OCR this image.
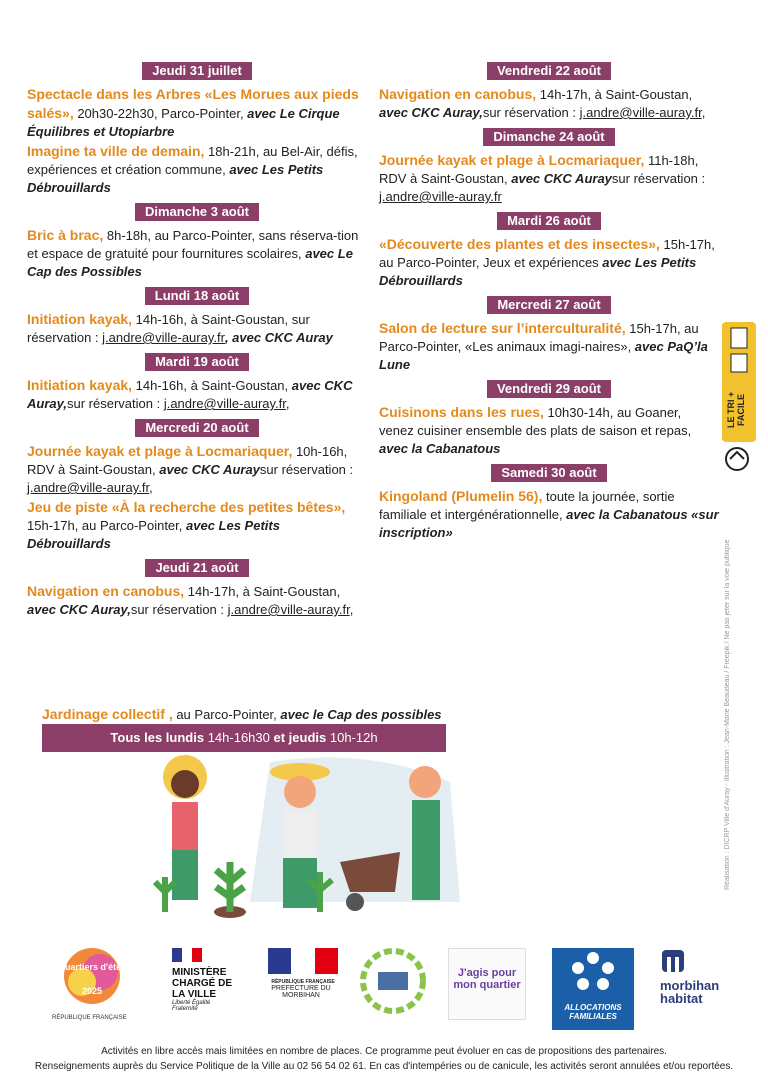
Jeudi 31 juillet
Spectacle dans les Arbres «Les Morues aux pieds salés», 20h30-22h30, Parco-Pointer, avec Le Cirque Équilibres et Utopiarbre
Imagine ta ville de demain, 18h-21h, au Bel-Air, défis, expériences et création commune, avec Les Petits Débrouillards
Dimanche 3 août
Bric à brac, 8h-18h, au Parco-Pointer, sans réserva-tion et espace de gratuité pour fournitures scolaires, avec Le Cap des Possibles
Lundi 18 août
Initiation kayak, 14h-16h, à Saint-Goustan, sur réservation : j.andre@ville-auray.fr, avec CKC Auray
Mardi 19 août
Initiation kayak, 14h-16h, à Saint-Goustan, avec CKC Auray,sur réservation : j.andre@ville-auray.fr,
Mercredi 20 août
Journée kayak et plage à Locmariaquer, 10h-16h, RDV à Saint-Goustan, avec CKC Auraysur réservation : j.andre@ville-auray.fr,
Jeu de piste «À la recherche des petites bêtes», 15h-17h, au Parco-Pointer, avec Les Petits Débrouillards
Jeudi 21 août
Navigation en canobus, 14h-17h, à Saint-Goustan, avec CKC Auray,sur réservation : j.andre@ville-auray.fr,
Vendredi 22 août
Navigation en canobus, 14h-17h, à Saint-Goustan, avec CKC Auray,sur réservation : j.andre@ville-auray.fr,
Dimanche 24 août
Journée kayak et plage à Locmariaquer, 11h-18h, RDV à Saint-Goustan, avec CKC Auraysur réservation : j.andre@ville-auray.fr
Mardi 26 août
«Découverte des plantes et des insectes», 15h-17h, au Parco-Pointer, Jeux et expériences avec Les Petits Débrouillards
Mercredi 27 août
Salon de lecture sur l’interculturalité, 15h-17h, au Parco-Pointer, «Les animaux imagi-naires», avec PaQ’la Lune
Vendredi 29 août
Cuisinons dans les rues, 10h30-14h, au Goaner, venez cuisiner ensemble des plats de saison et repas, avec la Cabanatous
Samedi 30 août
Kingoland (Plumelin 56), toute la journée, sortie familiale et intergénérationnelle, avec la Cabanatous «sur inscription»
LE TRI + FACILE
Réalisation : DICRP Ville d'Auray - Illustration : Jean-Marie Beaudeau / Freepik / Ne pas jeter sur la voie publique
Jardinage collectif , au Parco-Pointer, avec le Cap des possibles
Tous les lundis 14h-16h30 et jeudis 10h-12h
Quartiers d'été
2025
RÉPUBLIQUE FRANÇAISE
MINISTÈRE CHARGÉ DE LA VILLE
Liberté Égalité Fraternité
RÉPUBLIQUE FRANÇAISE
PREFECTURE DU MORBIHAN
J'agis pour mon quartier
ALLOCATIONS FAMILIALES
morbihan habitat
Activités en libre accès mais limitées en nombre de places. Ce programme peut évoluer en cas de propositions des partenaires.
Renseignements auprès du Service Politique de la Ville au 02 56 54 02 61. En cas d'intempéries ou de canicule, les activités seront annulées et/ou reportées.
